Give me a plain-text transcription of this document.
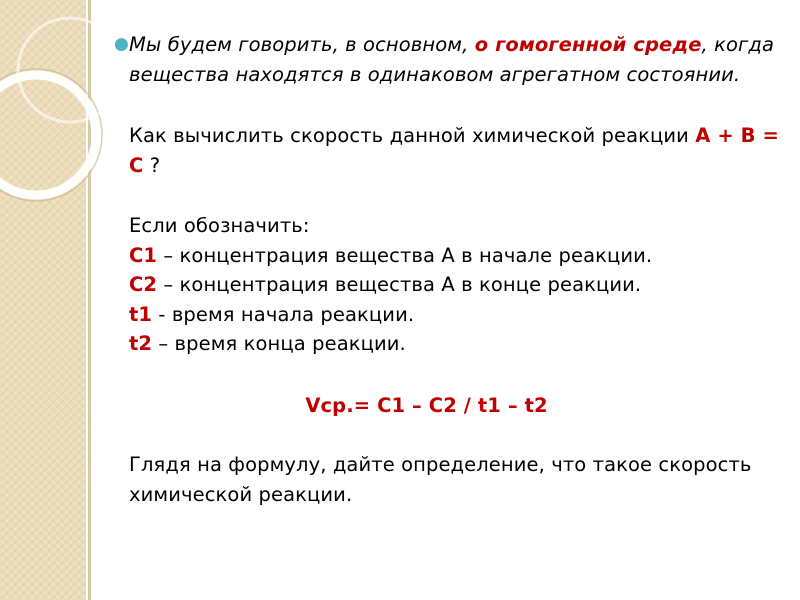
● Мы будем говорить, в основном, о гомогенной среде, когда вещества находятся в одинаковом агрегатном состоянии.

Как вычислить скорость данной химической реакции А + В = С ?

Если обозначить:
С1 – концентрация вещества А в начале реакции.
С2 – концентрация вещества А в конце реакции.
t1 - время начала реакции.
t2 – время конца реакции.

Vср.= C1 – C2 / t1 – t2

Глядя на формулу, дайте определение, что такое скорость химической реакции.
